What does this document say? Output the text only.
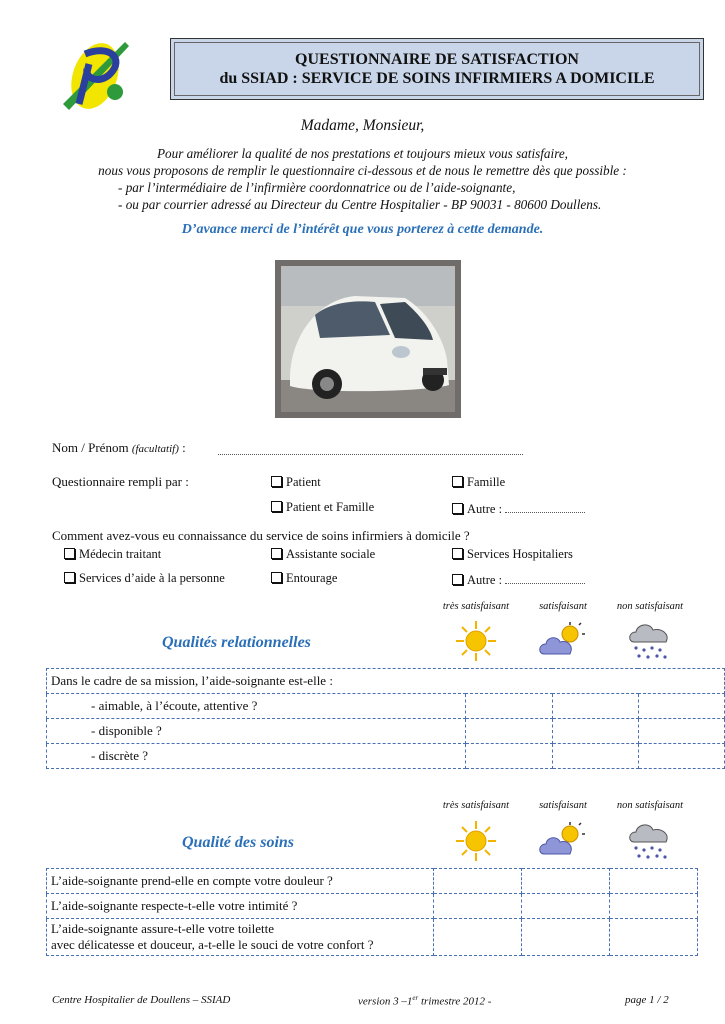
QUESTIONNAIRE DE SATISFACTION
du SSIAD : SERVICE DE SOINS INFIRMIERS A DOMICILE
Madame, Monsieur,
Pour améliorer la qualité de nos prestations et toujours mieux vous satisfaire,
nous vous proposons de remplir le questionnaire ci-dessous et de nous le remettre dès que possible :
- par l’intermédiaire de l’infirmière coordonnatrice ou de l’aide-soignante,
- ou par courrier adressé au Directeur du Centre Hospitalier - BP 90031 - 80600 Doullens.
D’avance merci de l’intérêt que vous porterez à cette demande.
Nom / Prénom (facultatif) :
Questionnaire rempli par :	Patient	Famille
Patient et Famille	Autre :
Comment avez-vous eu connaissance du service de soins infirmiers à domicile ?
Médecin traitant	Assistante sociale	Services Hospitaliers
Services d’aide à la personne	Entourage	Autre :
très satisfaisant	satisfaisant	non satisfaisant
Qualités relationnelles
Dans le cadre de sa mission, l’aide-soignante est-elle :			
- aimable, à l’écoute, attentive ?			
- disponible ?			
- discrète ?			
très satisfaisant	satisfaisant	non satisfaisant
Qualité des soins
L’aide-soignante prend-elle en compte votre douleur ?			
L’aide-soignante respecte-t-elle votre intimité ?			

L’aide-soignante assure-t-elle votre toilette
avec délicatesse et douceur, a-t-elle le souci de votre confort ?			

Centre Hospitalier de Doullens – SSIAD	version 3 –1er trimestre 2012 -	page 1 / 2
